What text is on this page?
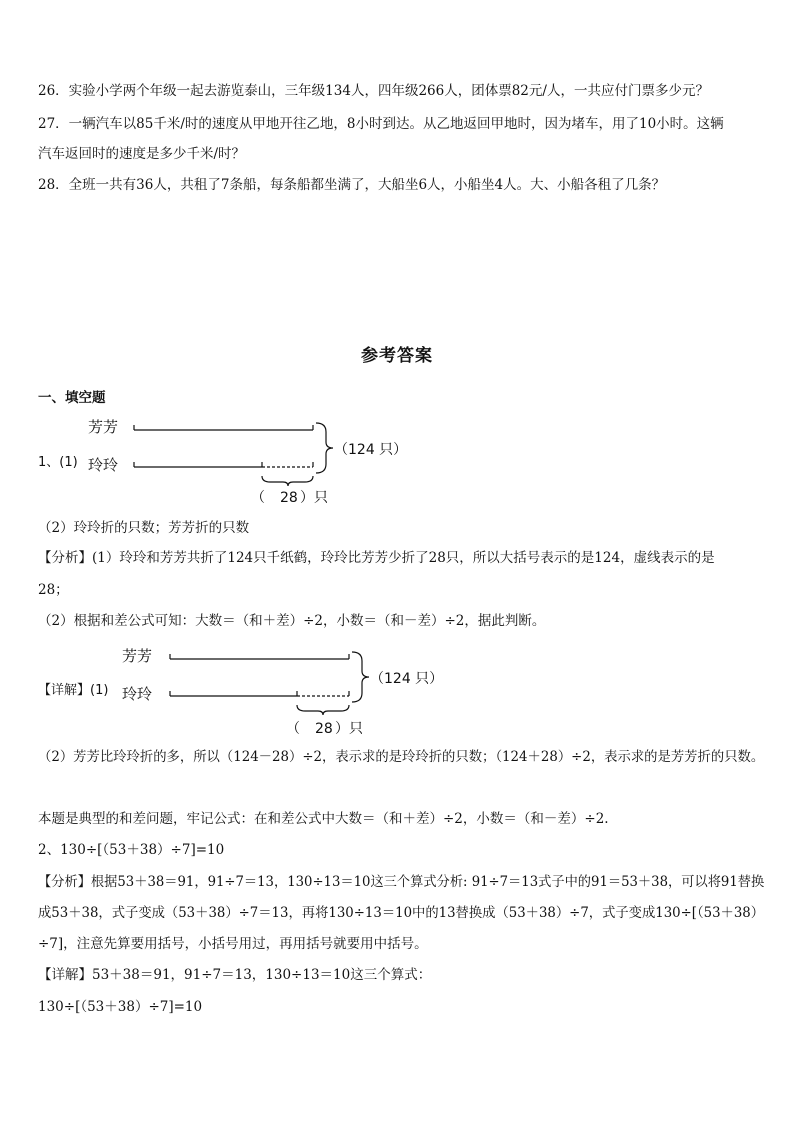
26．实验小学两个年级一起去游览泰山，三年级134人，四年级266人，团体票82元/人，一共应付门票多少元？
27．一辆汽车以85千米/时的速度从甲地开往乙地，8小时到达。从乙地返回甲地时，因为堵车，用了10小时。这辆
汽车返回时的速度是多少千米/时？
28．全班一共有36人，共租了7条船，每条船都坐满了，大船坐6人，小船坐4人。大、小船各租了几条？
参考答案
一、填空题
1、(1)
芳芳
玲玲
（124 只）
（ 28 ）只
（2）玲玲折的只数；芳芳折的只数
【分析】(1）玲玲和芳芳共折了124只千纸鹤，玲玲比芳芳少折了28只，所以大括号表示的是124，虚线表示的是
28；
（2）根据和差公式可知：大数＝（和＋差）÷2，小数＝（和－差）÷2，据此判断。
【详解】(1)
芳芳
玲玲
（124 只）
（ 28 ）只
（2）芳芳比玲玲折的多，所以（124－28）÷2，表示求的是玲玲折的只数；（124＋28）÷2，表示求的是芳芳折的只数。
本题是典型的和差问题，牢记公式：在和差公式中大数＝（和＋差）÷2，小数＝（和－差）÷2.
2、130÷[（53＋38）÷7]=10
【分析】根据53＋38＝91，91÷7＝13，130÷13＝10这三个算式分析: 91÷7＝13式子中的91＝53＋38，可以将91替换
成53＋38，式子变成（53＋38）÷7＝13，再将130÷13＝10中的13替换成（53＋38）÷7，式子变成130÷[（53＋38）
÷7]，注意先算要用括号，小括号用过，再用括号就要用中括号。
【详解】53＋38＝91，91÷7＝13，130÷13＝10这三个算式：
130÷[（53＋38）÷7]=10
